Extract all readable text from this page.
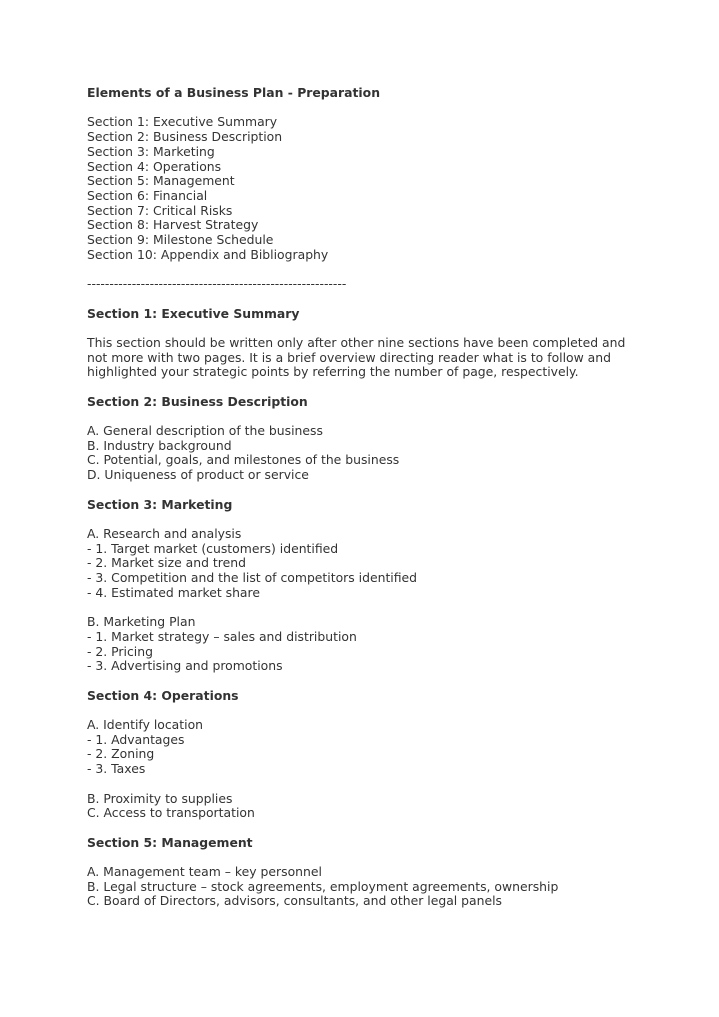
Elements of a Business Plan - Preparation
Section 1: Executive Summary
Section 2: Business Description
Section 3: Marketing
Section 4: Operations
Section 5: Management
Section 6: Financial
Section 7: Critical Risks
Section 8: Harvest Strategy
Section 9: Milestone Schedule
Section 10: Appendix and Bibliography
----------------------------------------------------------
Section 1: Executive Summary
This section should be written only after other nine sections have been completed and
not more with two pages. It is a brief overview directing reader what is to follow and
highlighted your strategic points by referring the number of page, respectively.
Section 2: Business Description
A. General description of the business
B. Industry background
C. Potential, goals, and milestones of the business
D. Uniqueness of product or service
Section 3: Marketing
A. Research and analysis
- 1. Target market (customers) identified
- 2. Market size and trend
- 3. Competition and the list of competitors identified
- 4. Estimated market share
B. Marketing Plan
- 1. Market strategy – sales and distribution
- 2. Pricing
- 3. Advertising and promotions
Section 4: Operations
A. Identify location
- 1. Advantages
- 2. Zoning
- 3. Taxes
B. Proximity to supplies
C. Access to transportation
Section 5: Management
A. Management team – key personnel
B. Legal structure – stock agreements, employment agreements, ownership
C. Board of Directors, advisors, consultants, and other legal panels
